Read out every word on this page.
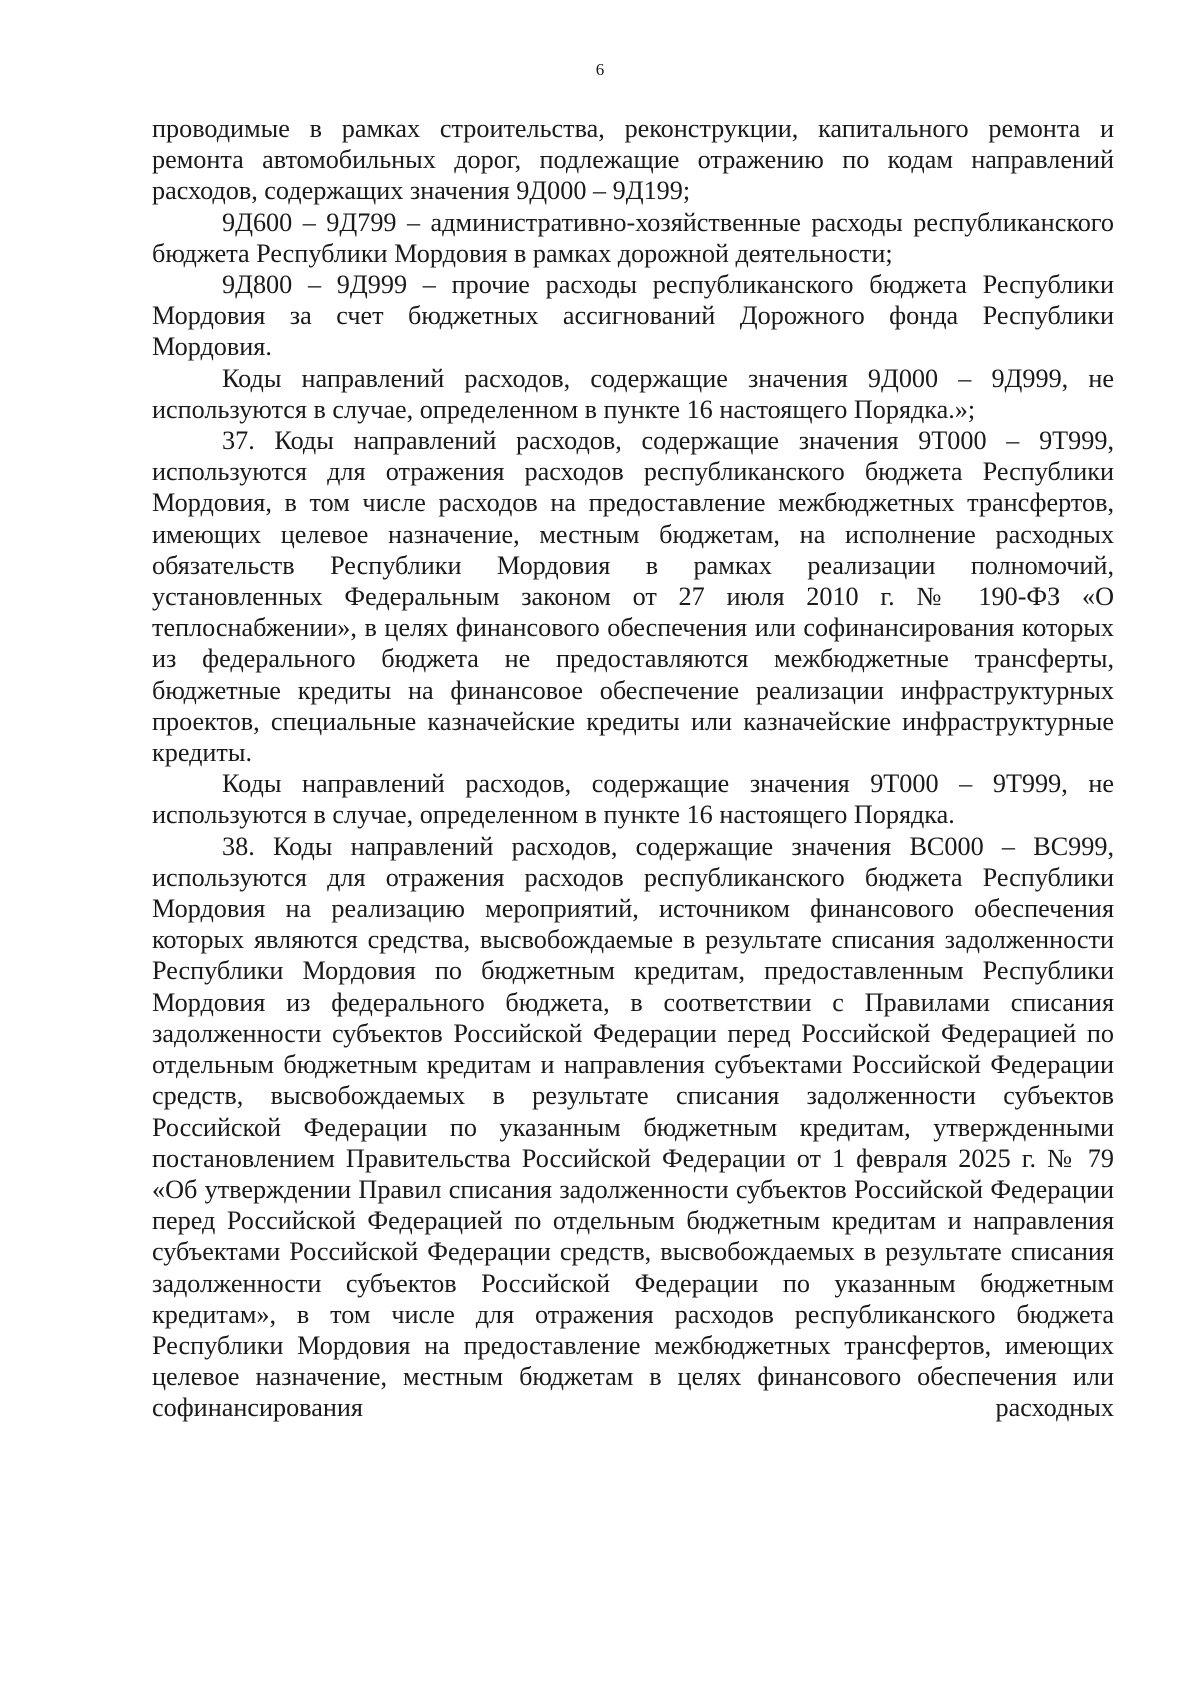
6

проводимые в рамках строительства, реконструкции, капитального ремонта и ремонта автомобильных дорог, подлежащие отражению по кодам направлений расходов, содержащих значения 9Д000 – 9Д199;

9Д600 – 9Д799 – административно-хозяйственные расходы республиканского бюджета Республики Мордовия в рамках дорожной деятельности;

9Д800 – 9Д999 – прочие расходы республиканского бюджета Республики Мордовия за счет бюджетных ассигнований Дорожного фонда Республики Мордовия.

Коды направлений расходов, содержащие значения 9Д000 – 9Д999, не используются в случае, определенном в пункте 16 настоящего Порядка.»;

37. Коды направлений расходов, содержащие значения 9Т000 – 9Т999, используются для отражения расходов республиканского бюджета Республики Мордовия, в том числе расходов на предоставление межбюджетных трансфертов, имеющих целевое назначение, местным бюджетам, на исполнение расходных обязательств Республики Мордовия в рамках реализации полномочий, установленных Федеральным законом от 27 июля 2010 г. № 190-ФЗ «О теплоснабжении», в целях финансового обеспечения или софинансирования которых из федерального бюджета не предоставляются межбюджетные трансферты, бюджетные кредиты на финансовое обеспечение реализации инфраструктурных проектов, специальные казначейские кредиты или казначейские инфраструктурные кредиты.

Коды направлений расходов, содержащие значения 9Т000 – 9Т999, не используются в случае, определенном в пункте 16 настоящего Порядка.

38. Коды направлений расходов, содержащие значения ВС000 – ВС999, используются для отражения расходов республиканского бюджета Республики Мордовия на реализацию мероприятий, источником финансового обеспечения которых являются средства, высвобождаемые в результате списания задолженности Республики Мордовия по бюджетным кредитам, предоставленным Республики Мордовия из федерального бюджета, в соответствии с Правилами списания задолженности субъектов Российской Федерации перед Российской Федерацией по отдельным бюджетным кредитам и направления субъектами Российской Федерации средств, высвобождаемых в результате списания задолженности субъектов Российской Федерации по указанным бюджетным кредитам, утвержденными постановлением Правительства Российской Федерации от 1 февраля 2025 г. № 79 «Об утверждении Правил списания задолженности субъектов Российской Федерации перед Российской Федерацией по отдельным бюджетным кредитам и направления субъектами Российской Федерации средств, высвобождаемых в результате списания задолженности субъектов Российской Федерации по указанным бюджетным кредитам», в том числе для отражения расходов республиканского бюджета Республики Мордовия на предоставление межбюджетных трансфертов, имеющих целевое назначение, местным бюджетам в целях финансового обеспечения или софинансирования расходных
